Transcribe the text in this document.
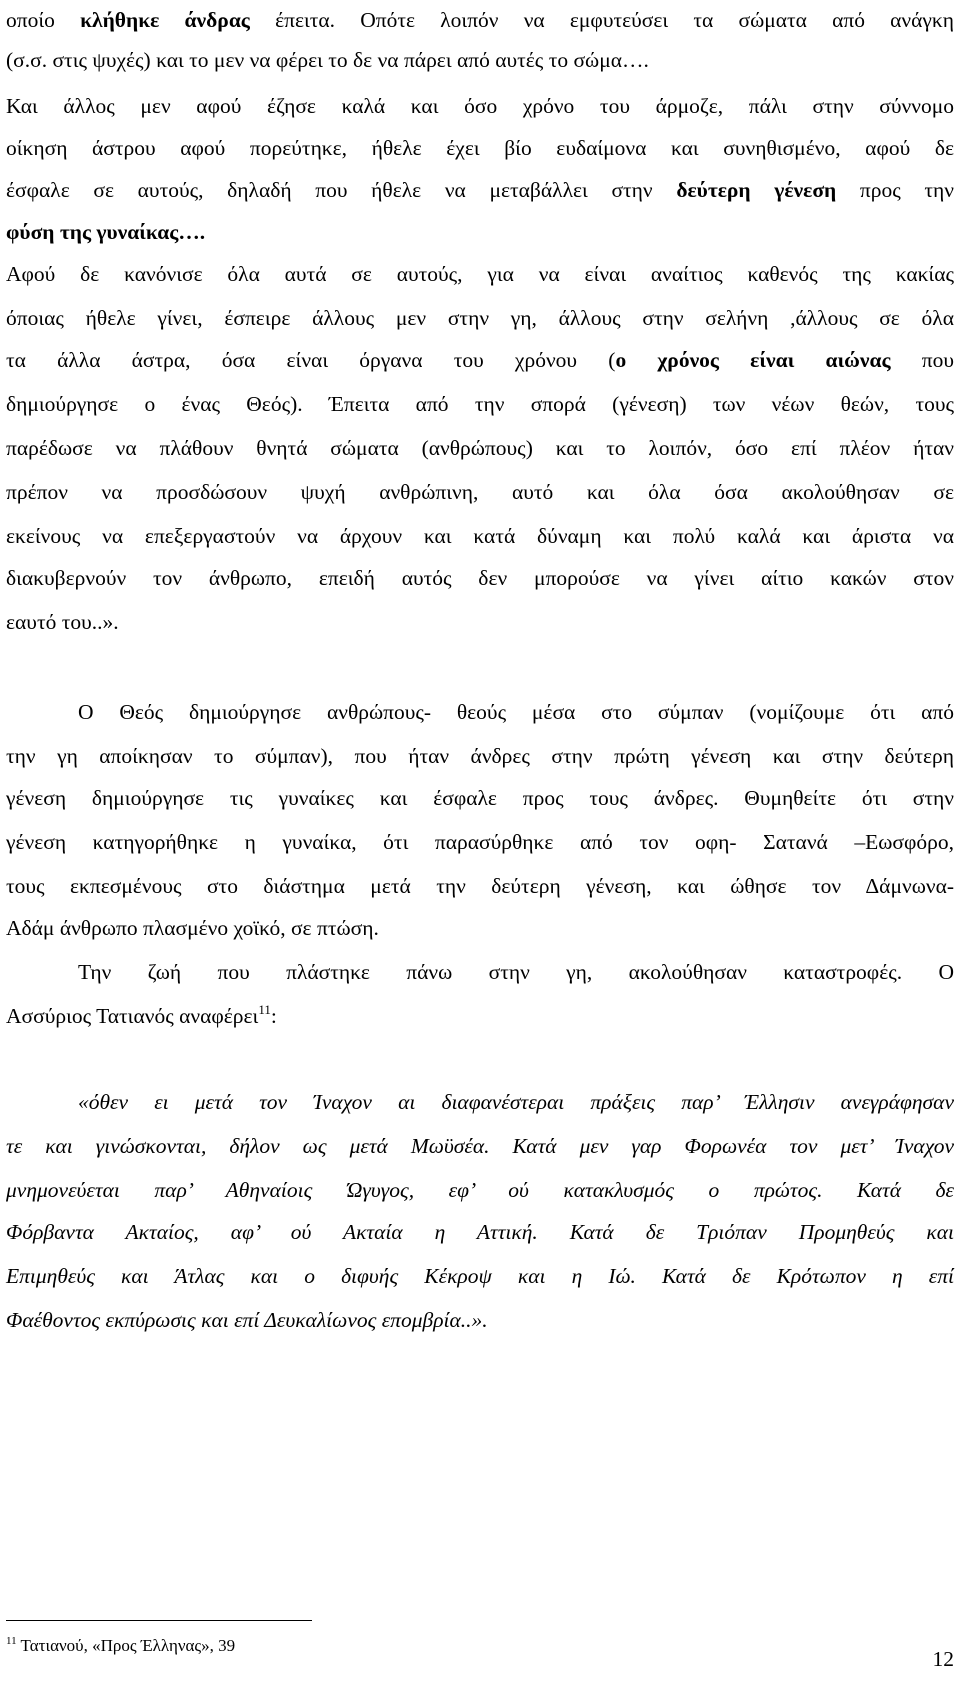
οποίο κλήθηκε άνδρας έπειτα. Οπότε λοιπόν να εμφυτεύσει τα σώματα από ανάγκη
(σ.σ. στις ψυχές) και το μεν να φέρει το δε να πάρει από αυτές το σώμα….
Και άλλος μεν αφού έζησε καλά και όσο χρόνο του άρμοζε, πάλι στην σύννομο
οίκηση άστρου αφού πορεύτηκε, ήθελε έχει βίο ευδαίμονα και συνηθισμένο, αφού δε
έσφαλε σε αυτούς, δηλαδή που ήθελε να μεταβάλλει στην δεύτερη γένεση προς την
φύση της γυναίκας….
Αφού δε κανόνισε όλα αυτά σε αυτούς, για να είναι αναίτιος καθενός της κακίας
όποιας ήθελε γίνει, έσπειρε άλλους μεν στην γη, άλλους στην σελήνη ,άλλους σε όλα
τα άλλα άστρα, όσα είναι όργανα του χρόνου (ο χρόνος είναι αιώνας που
δημιούργησε ο ένας Θεός). Έπειτα από την σπορά (γένεση) των νέων θεών, τους
παρέδωσε να πλάθουν θνητά σώματα (ανθρώπους) και το λοιπόν, όσο επί πλέον ήταν
πρέπον να προσδώσουν ψυχή ανθρώπινη, αυτό και όλα όσα ακολούθησαν σε
εκείνους να επεξεργαστούν να άρχουν και κατά δύναμη και πολύ καλά και άριστα να
διακυβερνούν τον άνθρωπο, επειδή αυτός δεν μπορούσε να γίνει αίτιο κακών στον
εαυτό του..».
Ο Θεός δημιούργησε ανθρώπους- θεούς μέσα στο σύμπαν (νομίζουμε ότι από
την γη αποίκησαν το σύμπαν), που ήταν άνδρες στην πρώτη γένεση και στην δεύτερη
γένεση δημιούργησε τις γυναίκες και έσφαλε προς τους άνδρες. Θυμηθείτε ότι στην
γένεση κατηγορήθηκε η γυναίκα, ότι παρασύρθηκε από τον οφη- Σατανά –Εωσφόρο,
τους εκπεσμένους στο διάστημα μετά την δεύτερη γένεση, και ώθησε τον Δάμνωνα-
Αδάμ άνθρωπο πλασμένο χοϊκό, σε πτώση.
Την ζωή που πλάστηκε πάνω στην γη, ακολούθησαν καταστροφές. Ο
Ασσύριος Τατιανός αναφέρει$^{11}$:
«όθεν ει μετά τον Ίναχον αι διαφανέστεραι πράξεις παρ’ Έλλησιν ανεγράφησαν
τε και γινώσκονται, δήλον ως μετά Μωϋσέα. Κατά μεν γαρ Φορωνέα τον μετ’ Ίναχον
μνημονεύεται παρ’ Αθηναίοις Ώγυγος, εφ’ ού κατακλυσμός ο πρώτος. Κατά δε
Φόρβαντα Ακταίος, αφ’ ού Ακταία η Αττική. Κατά δε Τριόπαν Προμηθεύς και
Επιμηθεύς και Άτλας και ο διφυής Κέκροψ και η Ιώ. Κατά δε Κρότωπον η επί
Φαέθοντος εκπύρωσις και επί Δευκαλίωνος επομβρία..».
$^{11}$ Τατιανού, «Προς Έλληνας», 39
12
